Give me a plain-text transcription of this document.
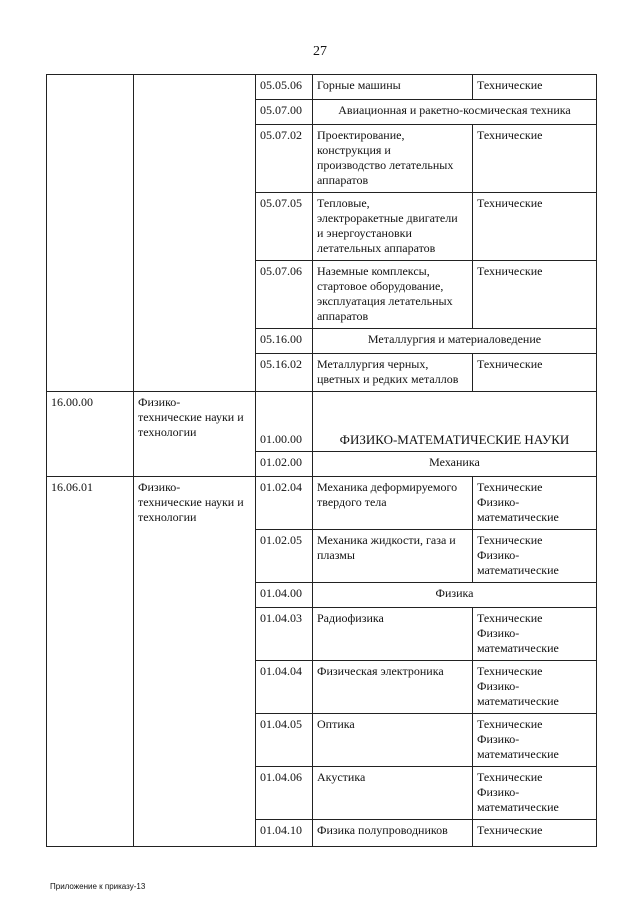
27
		05.05.06	Горные машины	Технические
		05.07.00	Авиационная и ракетно-космическая техника	
		05.07.02	Проектирование,
конструкция и
производство летательных
аппаратов	Технические
		05.07.05	Тепловые,
электроракетные двигатели
и энергоустановки
летательных аппаратов	Технические
		05.07.06	Наземные комплексы,
стартовое оборудование,
эксплуатация летательных
аппаратов	Технические
		05.16.00	Металлургия и материаловедение	
		05.16.02	Металлургия черных,
цветных и редких металлов	Технические
16.00.00	Физико-
технические науки и
технологии	01.00.00	ФИЗИКО-МАТЕМАТИЧЕСКИЕ НАУКИ	
		01.02.00	Механика	
16.06.01	Физико-
технические науки и
технологии	01.02.04	Механика деформируемого
твердого тела	Технические
Физико-
математические

		01.02.05	Механика жидкости, газа и
плазмы	Технические
Физико-
математические

		01.04.00	Физика	
		01.04.03	Радиофизика	Технические
Физико-
математические

		01.04.04	Физическая электроника	Технические
Физико-
математические

		01.04.05	Оптика	Технические
Физико-
математические

		01.04.06	Акустика	Технические
Физико-
математические

		01.04.10	Физика полупроводников	Технические
Приложение к приказу-13
